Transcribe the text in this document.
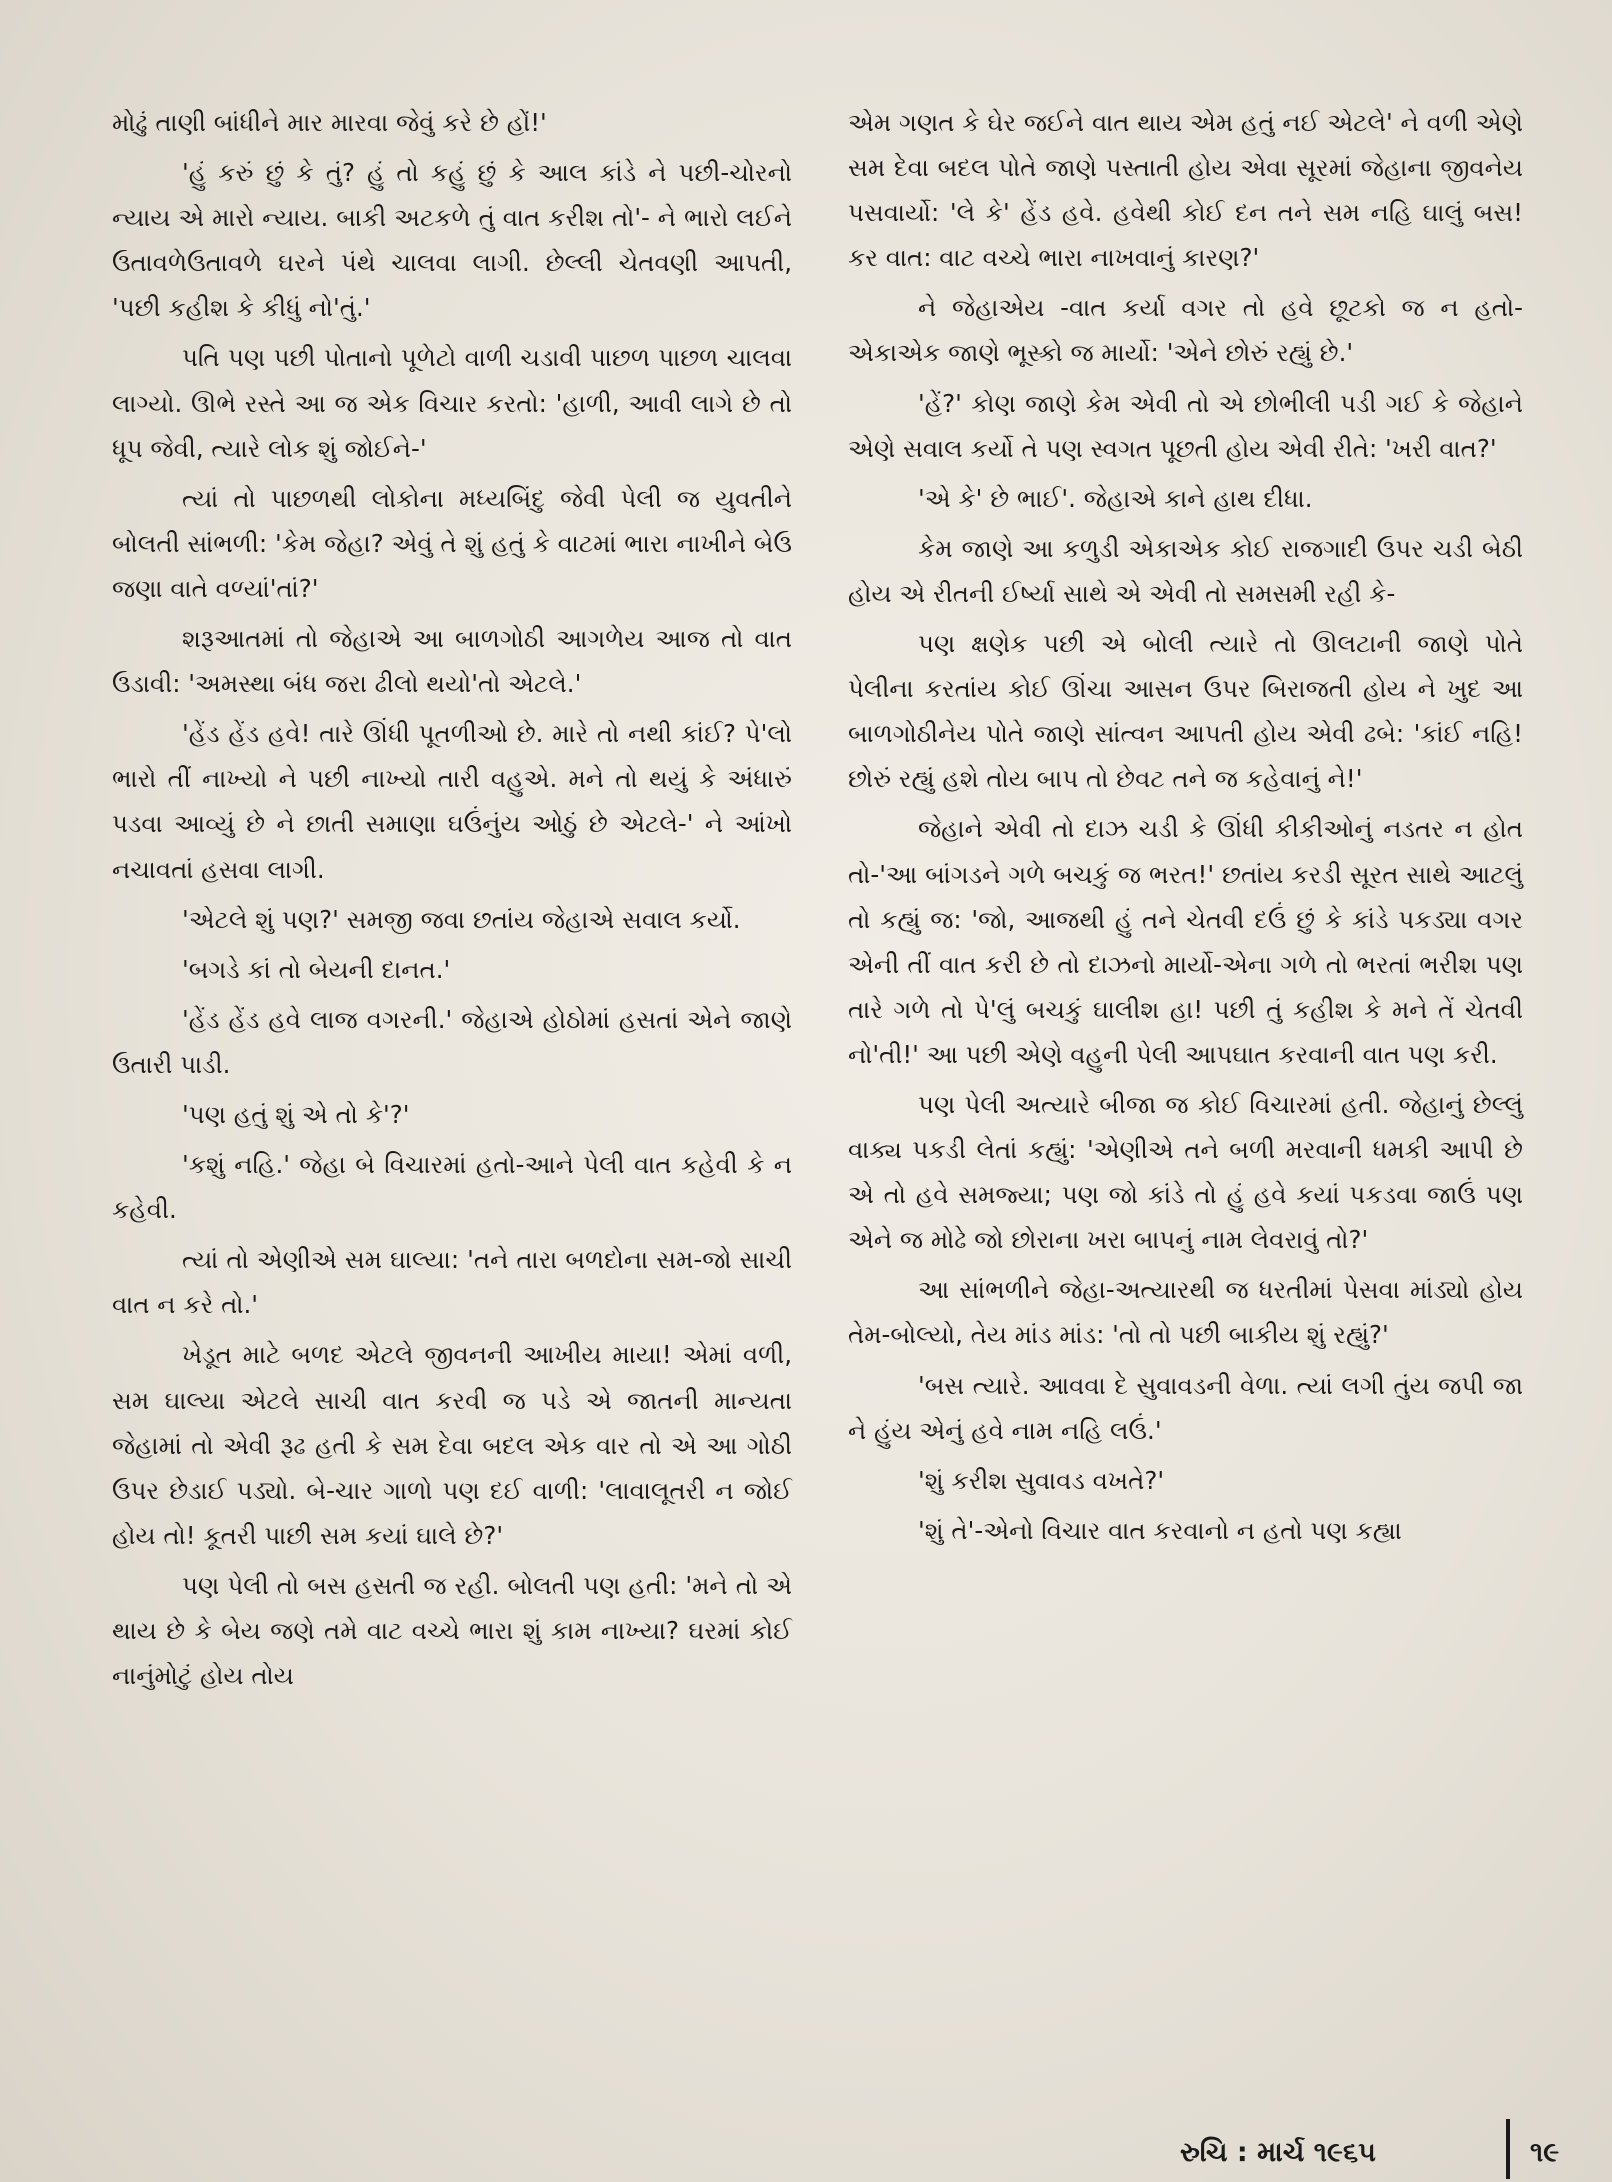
મોઢું તાણી બાંધીને માર મારવા જેવું કરે છે હોં!'

'હું કરું છું કે તું? હું તો કહું છું કે આલ કાંડે ને પછી-ચોરનો ન્યાય એ મારો ન્યાય. બાકી અટકળે તું વાત કરીશ તો'- ને ભારો લઈને ઉતાવળેઉતાવળે ઘરને પંથે ચાલવા લાગી. છેલ્લી ચેતવણી આપતી, 'પછી કહીશ કે કીધું નો'તું.'

પતિ પણ પછી પોતાનો પૂળેટો વાળી ચડાવી પાછળ પાછળ ચાલવા લાગ્યો. ઊભે રસ્તે આ જ એક વિચાર કરતો: 'હાળી, આવી લાગે છે તો ધૂપ જેવી, ત્યારે લોક શું જોઈને-'

ત્યાં તો પાછળથી લોકોના મધ્યબિંદુ જેવી પેલી જ યુવતીને બોલતી સાંભળી: 'કેમ જેહા? એવું તે શું હતું કે વાટમાં ભારા નાખીને બેઉ જણા વાતે વળ્યાં'તાં?'

શરૂઆતમાં તો જેહાએ આ બાળગોઠી આગળેય આજ તો વાત ઉડાવી: 'અમસ્થા બંધ જરા ઢીલો થયો'તો એટલે.'

'હેંડ હેંડ હવે! તારે ઊંધી પૂતળીઓ છે. મારે તો નથી કાંઈ? પે'લો ભારો તીં નાખ્યો ને પછી નાખ્યો તારી વહુએ. મને તો થયું કે અંધારું પડવા આવ્યું છે ને છાતી સમાણા ઘઉંનુંય ઓઠું છે એટલે-' ને આંખો નચાવતાં હસવા લાગી.

'એટલે શું પણ?' સમજી જવા છતાંય જેહાએ સવાલ કર્યો.

'બગડે કાં તો બેયની દાનત.'

'હેંડ હેંડ હવે લાજ વગરની.' જેહાએ હોઠોમાં હસતાં એને જાણે ઉતારી પાડી.

'પણ હતું શું એ તો કે'?'

'કશું નહિ.' જેહા બે વિચારમાં હતો-આને પેલી વાત કહેવી કે ન કહેવી.

ત્યાં તો એણીએ સમ ઘાલ્યા: 'તને તારા બળદોના સમ-જો સાચી વાત ન કરે તો.'

ખેડૂત માટે બળદ એટલે જીવનની આખીય માયા! એમાં વળી, સમ ઘાલ્યા એટલે સાચી વાત કરવી જ પડે એ જાતની માન્યતા જેહામાં તો એવી રૂઢ હતી કે સમ દેવા બદલ એક વાર તો એ આ ગોઠી ઉપર છેડાઈ પડ્યો. બે-ચાર ગાળો પણ દઈ વાળી: 'લાવાલૂતરી ન જોઈ હોય તો! કૂતરી પાછી સમ કયાં ઘાલે છે?'

પણ પેલી તો બસ હસતી જ રહી. બોલતી પણ હતી: 'મને તો એ થાય છે કે બેય જણે તમે વાટ વચ્ચે ભારા શું કામ નાખ્યા? ઘરમાં કોઈ નાનુંમોટું હોય તોય

એમ ગણત કે ઘેર જઈને વાત થાય એમ હતું નઈ એટલે' ને વળી એણે સમ દેવા બદલ પોતે જાણે પસ્તાતી હોય એવા સૂરમાં જેહાના જીવનેય પસવાર્યો: 'લે કે' હેંડ હવે. હવેથી કોઈ દન તને સમ નહિ ઘાલું બસ! કર વાત: વાટ વચ્ચે ભારા નાખવાનું કારણ?'

ને જેહાએય -વાત કર્યા વગર તો હવે છૂટકો જ ન હતો-એકાએક જાણે ભૂસ્કો જ માર્યો: 'એને છોરું રહ્યું છે.'

'હેં?' કોણ જાણે કેમ એવી તો એ છોભીલી પડી ગઈ કે જેહાને એણે સવાલ કર્યો તે પણ સ્વગત પૂછતી હોય એવી રીતે: 'ખરી વાત?'

'એ કે' છે ભાઈ'. જેહાએ કાને હાથ દીધા.

કેમ જાણે આ કળુડી એકાએક કોઈ રાજગાદી ઉપર ચડી બેઠી હોય એ રીતની ઈર્ષ્યા સાથે એ એવી તો સમસમી રહી કે-

પણ ક્ષણેક પછી એ બોલી ત્યારે તો ઊલટાની જાણે પોતે પેલીના કરતાંય કોઈ ઊંચા આસન ઉપર બિરાજતી હોય ને ખુદ આ બાળગોઠીનેય પોતે જાણે સાંત્વન આપતી હોય એવી ઢબે: 'કાંઈ નહિ! છોરું રહ્યું હશે તોય બાપ તો છેવટ તને જ કહેવાનું ને!'

જેહાને એવી તો દાઝ ચડી કે ઊંધી કીકીઓનું નડતર ન હોત તો-'આ બાંગડને ગળે બચકું જ ભરત!' છતાંય કરડી સૂરત સાથે આટલું તો કહ્યું જ: 'જો, આજથી હું તને ચેતવી દઉં છું કે કાંડે પકડ્યા વગર એની તીં વાત કરી છે તો દાઝનો માર્યો-એના ગળે તો ભરતાં ભરીશ પણ તારે ગળે તો પે'લું બચકું ઘાલીશ હા! પછી તું કહીશ કે મને તેં ચેતવી નો'તી!' આ પછી એણે વહુની પેલી આપઘાત કરવાની વાત પણ કરી.

પણ પેલી અત્યારે બીજા જ કોઈ વિચારમાં હતી. જેહાનું છેલ્લું વાક્ય પકડી લેતાં કહ્યું: 'એણીએ તને બળી મરવાની ધમકી આપી છે એ તો હવે સમજ્યા; પણ જો કાંડે તો હું હવે કયાં પકડવા જાઉં પણ એને જ મોઢે જો છોરાના ખરા બાપનું નામ લેવરાવું તો?'

આ સાંભળીને જેહા-અત્યારથી જ ધરતીમાં પેસવા માંડ્યો હોય તેમ-બોલ્યો, તેય માંડ માંડ: 'તો તો પછી બાકીય શું રહ્યું?'

'બસ ત્યારે. આવવા દે સુવાવડની વેળા. ત્યાં લગી તુંય જપી જા ને હુંય એનું હવે નામ નહિ લઉં.'

'શું કરીશ સુવાવડ વખતે?'

'શું તે'-એનો વિચાર વાત કરવાનો ન હતો પણ કહ્યા

રુચિ : માર્ચ ૧૯૬૫	૧૯
